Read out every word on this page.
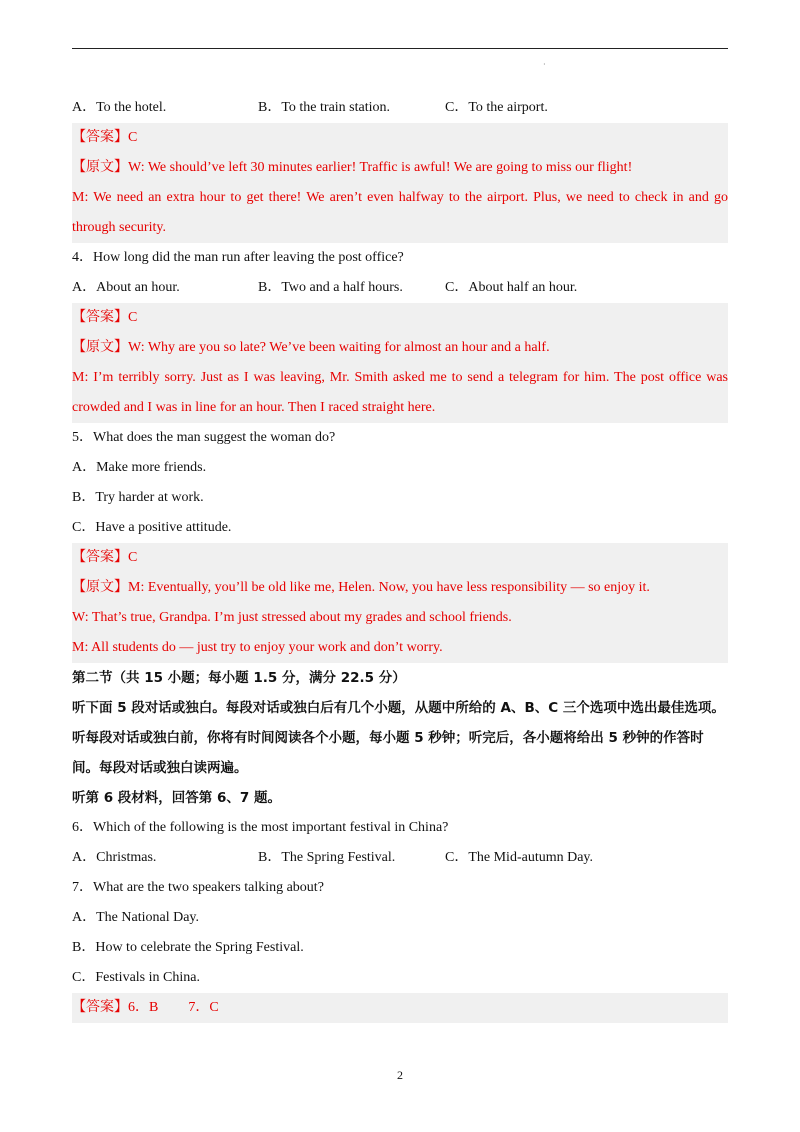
·
A．To the hotel.	B．To the train station.	C．To the airport.
【答案】C
【原文】W: We should’ve left 30 minutes earlier! Traffic is awful! We are going to miss our flight!
M: We need an extra hour to get there! We aren’t even halfway to the airport. Plus, we need to check in and go
through security.
4．How long did the man run after leaving the post office?
A．About an hour.	B．Two and a half hours.	C．About half an hour.
【答案】C
【原文】W: Why are you so late? We’ve been waiting for almost an hour and a half.
M: I’m terribly sorry. Just as I was leaving, Mr. Smith asked me to send a telegram for him. The post office was
crowded and I was in line for an hour. Then I raced straight here.
5．What does the man suggest the woman do?
A．Make more friends.
B．Try harder at work.
C．Have a positive attitude.
【答案】C
【原文】M: Eventually, you’ll be old like me, Helen. Now, you have less responsibility — so enjoy it.
W: That’s true, Grandpa. I’m just stressed about my grades and school friends.
M: All students do — just try to enjoy your work and don’t worry.
第二节（共 15 小题；每小题 1.5 分，满分 22.5 分）
听下面 5 段对话或独白。每段对话或独白后有几个小题，从题中所给的 A、B、C 三个选项中选出最佳选项。
听每段对话或独白前，你将有时间阅读各个小题，每小题 5 秒钟；听完后，各小题将给出 5 秒钟的作答时
间。每段对话或独白读两遍。
听第 6 段材料，回答第 6、7 题。
6．Which of the following is the most important festival in China?
A．Christmas.	B．The Spring Festival.	C．The Mid-autumn Day.
7．What are the two speakers talking about?
A．The National Day.
B．How to celebrate the Spring Festival.
C．Festivals in China.
【答案】6．B 7．C
2
